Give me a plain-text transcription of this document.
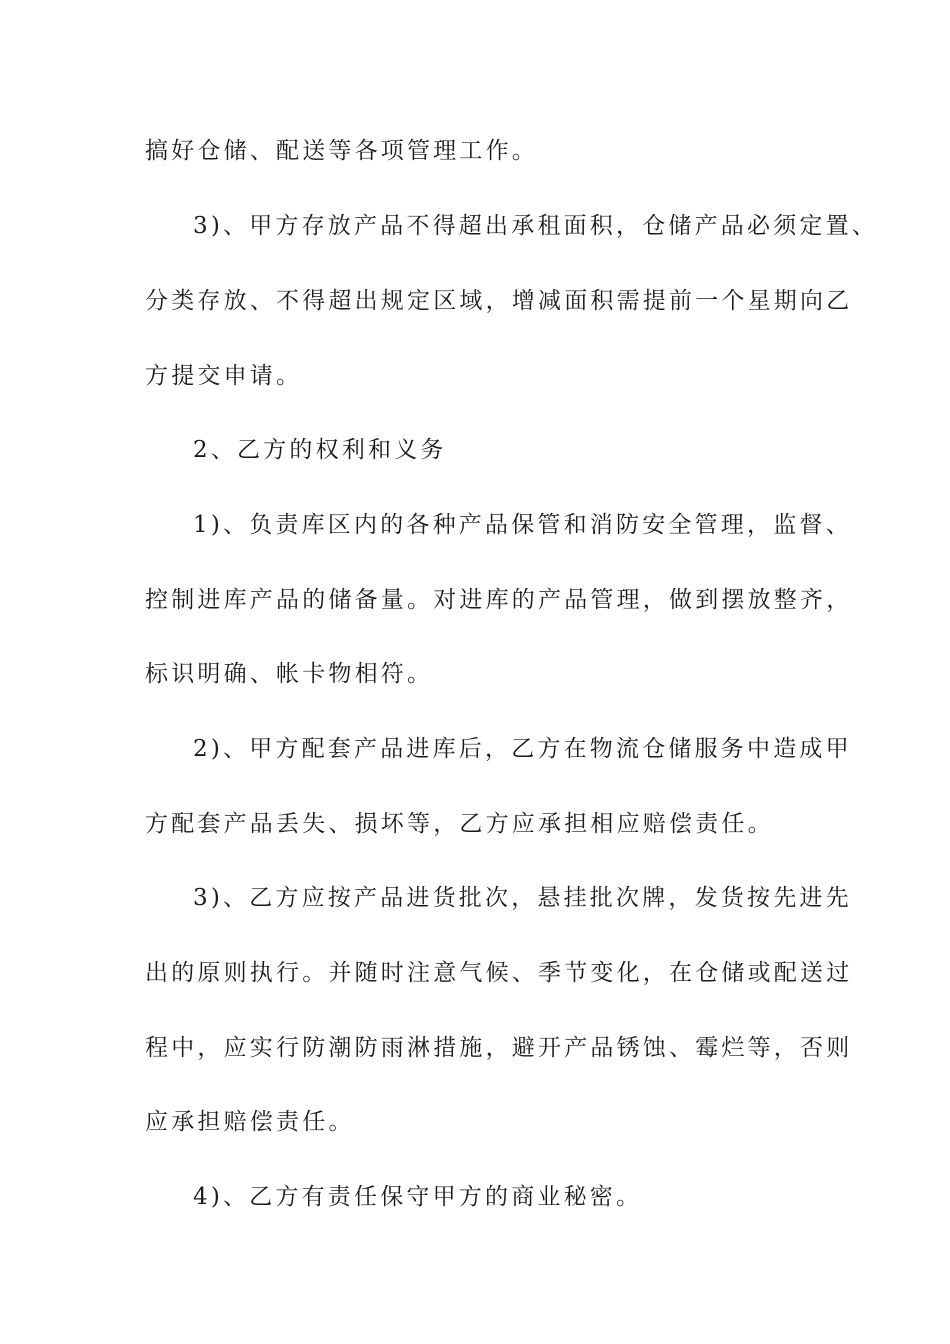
搞好仓储、配送等各项管理工作。

3)、甲方存放产品不得超出承租面积，仓储产品必须定置、

分类存放、不得超出规定区域，增减面积需提前一个星期向乙

方提交申请。

2、乙方的权利和义务

1)、负责库区内的各种产品保管和消防安全管理，监督、

控制进库产品的储备量。对进库的产品管理，做到摆放整齐，

标识明确、帐卡物相符。

2)、甲方配套产品进库后，乙方在物流仓储服务中造成甲

方配套产品丢失、损坏等，乙方应承担相应赔偿责任。

3)、乙方应按产品进货批次，悬挂批次牌，发货按先进先

出的原则执行。并随时注意气候、季节变化，在仓储或配送过

程中，应实行防潮防雨淋措施，避开产品锈蚀、霉烂等，否则

应承担赔偿责任。

4)、乙方有责任保守甲方的商业秘密。
